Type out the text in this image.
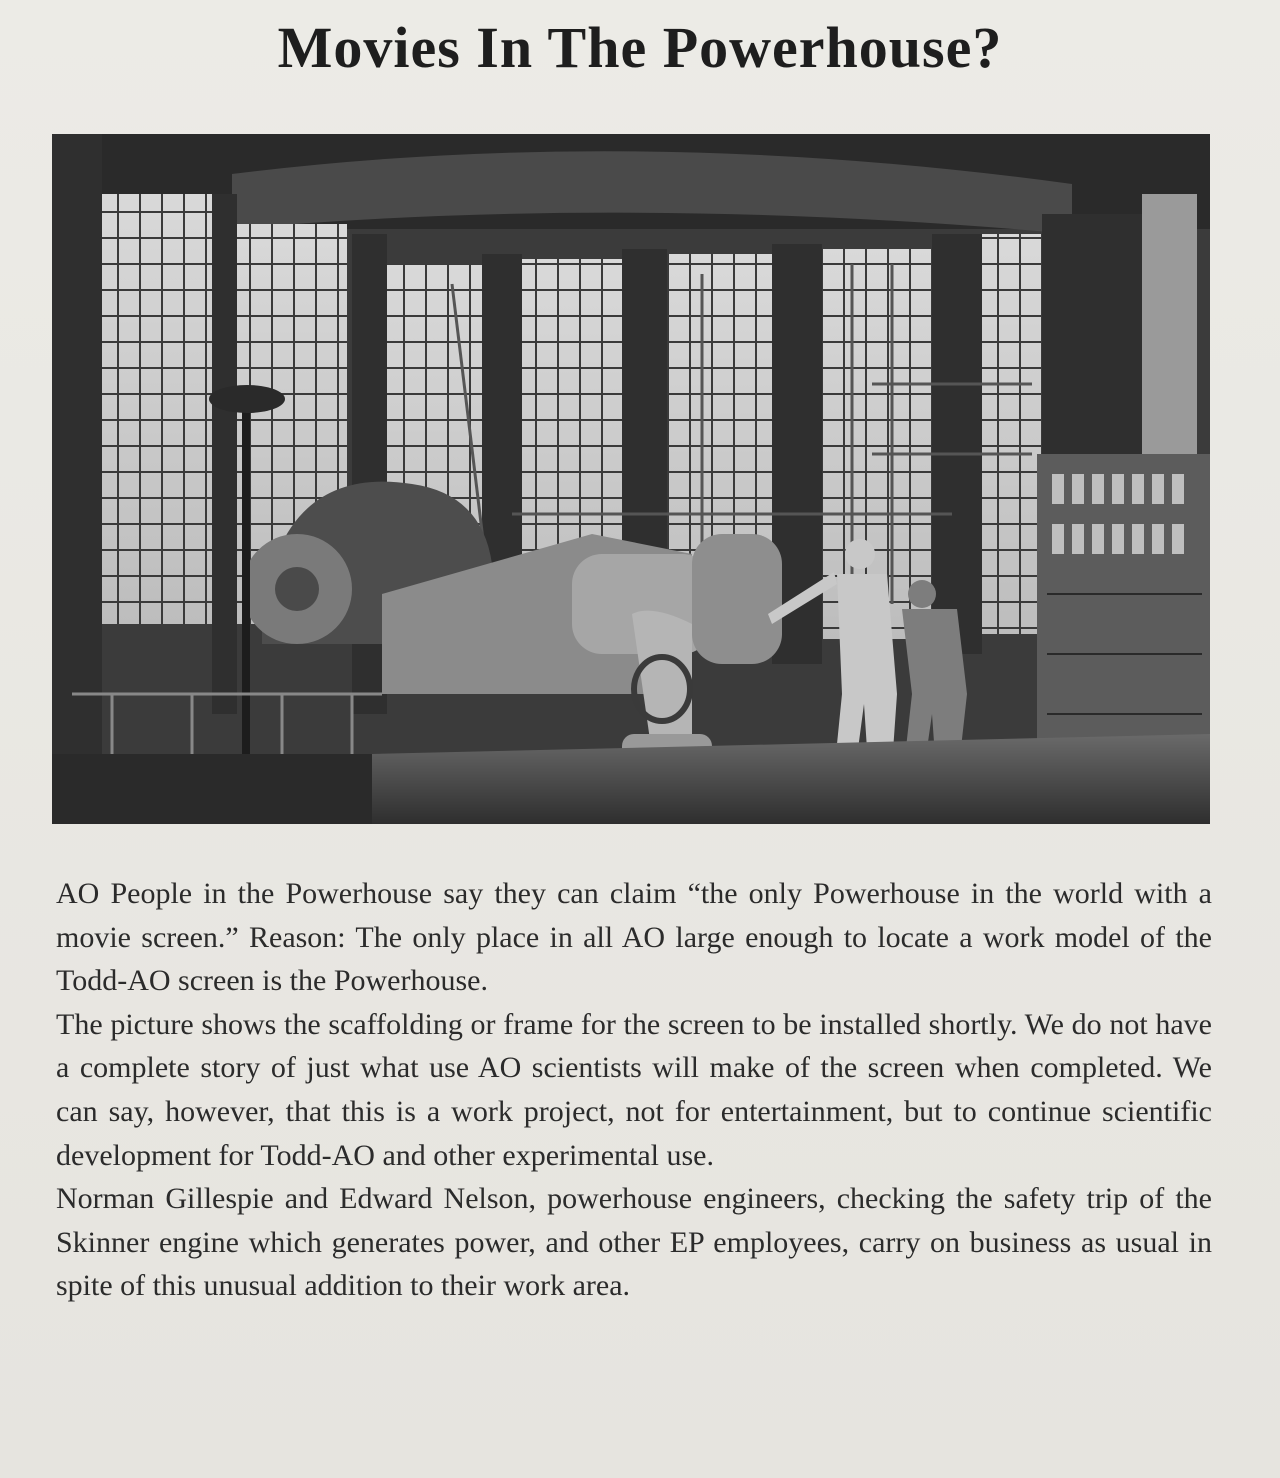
Movies In The Powerhouse?

AO People in the Powerhouse say they can claim “the only Powerhouse in the world with a movie screen.” Reason: The only place in all AO large enough to locate a work model of the Todd-AO screen is the Powerhouse.

The picture shows the scaffolding or frame for the screen to be installed shortly. We do not have a complete story of just what use AO scientists will make of the screen when completed. We can say, however, that this is a work project, not for entertainment, but to continue scientific development for Todd-AO and other experimental use.

Norman Gillespie and Edward Nelson, powerhouse engineers, checking the safety trip of the Skinner engine which generates power, and other EP employees, carry on business as usual in spite of this unusual addition to their work area.
